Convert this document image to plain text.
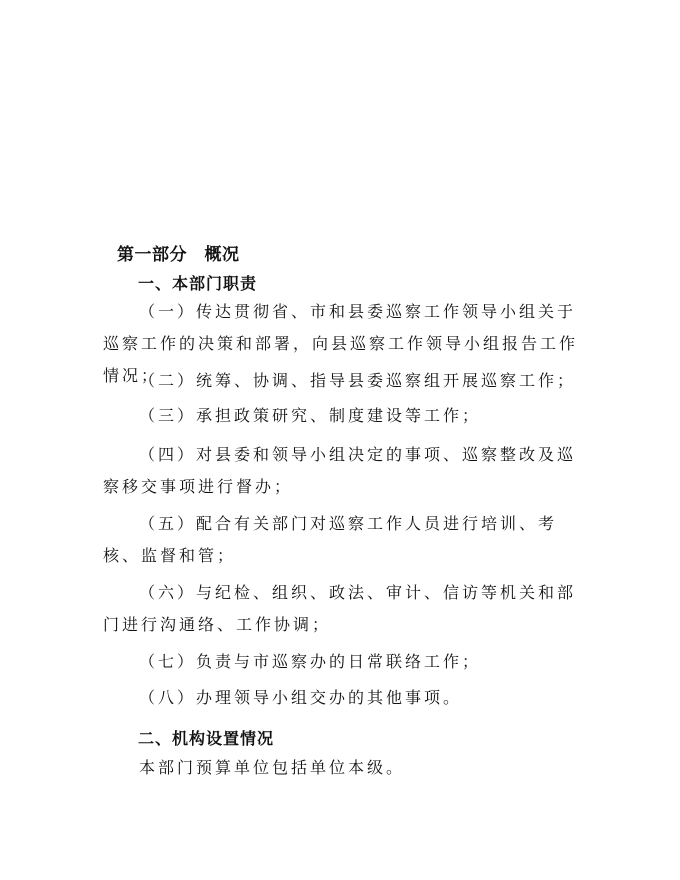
第一部分　概况
一、本部门职责

（一）传达贯彻省、市和县委巡察工作领导小组关于巡察工作的决策和部署，向县巡察工作领导小组报告工作情况；

（二）统筹、协调、指导县委巡察组开展巡察工作；

（三）承担政策研究、制度建设等工作；

（四）对县委和领导小组决定的事项、巡察整改及巡察移交事项进行督办；

（五）配合有关部门对巡察工作人员进行培训、考核、监督和管；

（六）与纪检、组织、政法、审计、信访等机关和部门进行沟通络、工作协调；

（七）负责与市巡察办的日常联络工作；

（八）办理领导小组交办的其他事项。

二、机构设置情况

本部门预算单位包括单位本级。
